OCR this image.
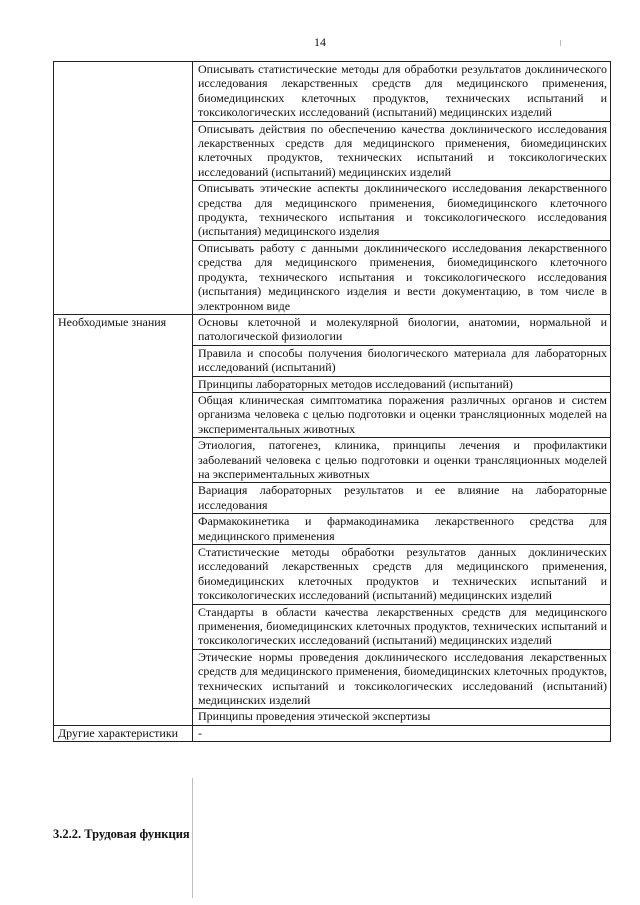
14
	Описывать статистические методы для обработки результатов доклинического исследования лекарственных средств для медицинского применения, биомедицинских клеточных продуктов, технических испытаний и токсикологических исследований (испытаний) медицинских изделий
	Описывать действия по обеспечению качества доклинического исследования лекарственных средств для медицинского применения, биомедицинских клеточных продуктов, технических испытаний и токсикологических исследований (испытаний) медицинских изделий
	Описывать этические аспекты доклинического исследования лекарственного средства для медицинского применения, биомедицинского клеточного продукта, технического испытания и токсикологического исследования (испытания) медицинского изделия
	Описывать работу с данными доклинического исследования лекарственного средства для медицинского применения, биомедицинского клеточного продукта, технического испытания и токсикологического исследования (испытания) медицинского изделия и вести документацию, в том числе в электронном виде
Необходимые знания	Основы клеточной и молекулярной биологии, анатомии, нормальной и патологической физиологии
	Правила и способы получения биологического материала для лабораторных исследований (испытаний)
	Принципы лабораторных методов исследований (испытаний)
	Общая клиническая симптоматика поражения различных органов и систем организма человека с целью подготовки и оценки трансляционных моделей на экспериментальных животных
	Этиология, патогенез, клиника, принципы лечения и профилактики заболеваний человека с целью подготовки и оценки трансляционных моделей на экспериментальных животных
	Вариация лабораторных результатов и ее влияние на лабораторные исследования
	Фармакокинетика и фармакодинамика лекарственного средства для медицинского применения
	Статистические методы обработки результатов данных доклинических исследований лекарственных средств для медицинского применения, биомедицинских клеточных продуктов и технических испытаний и токсикологических исследований (испытаний) медицинских изделий
	Стандарты в области качества лекарственных средств для медицинского применения, биомедицинских клеточных продуктов, технических испытаний и токсикологических исследований (испытаний) медицинских изделий
	Этические нормы проведения доклинического исследования лекарственных средств для медицинского применения, биомедицинских клеточных продуктов, технических испытаний и токсикологических исследований (испытаний) медицинских изделий
	Принципы проведения этической экспертизы
Другие характеристики	-
3.2.2. Трудовая функция
